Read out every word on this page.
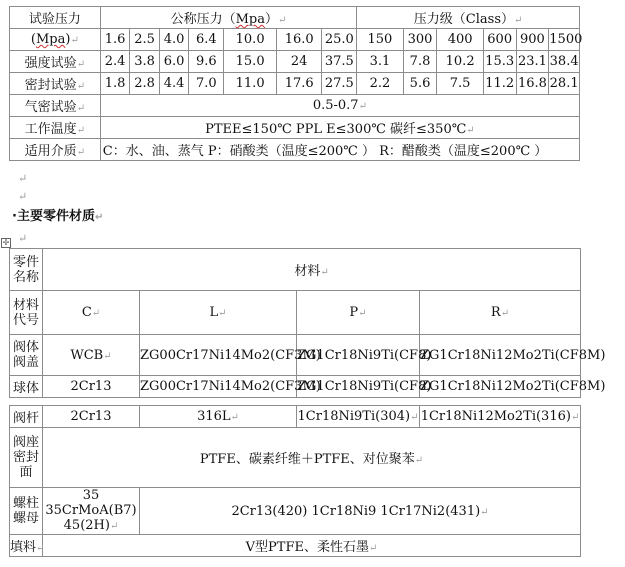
试验压力	公称压力（Mpa）↵							压力级（Class）↵					
(Mpa)↵	1.6	2.5	4.0	6.4	10.0	16.0	25.0	150	300	400	600	900	1500
强度试验↵	2.4	3.8	6.0	9.6	15.0	24	37.5	3.1	7.8	10.2	15.3	23.1	38.4
密封试验↵	1.8	2.8	4.4	7.0	11.0	17.6	27.5	2.2	5.6	7.5	11.2	16.8	28.1
气密试验↵	0.5-0.7↵												
工作温度↵	PTEE≤150℃ PPL E≤300℃ 碳纤≤350℃↵												
适用介质↵	C：水、油、蒸气 P：硝酸类（温度≤200℃ ） R：醋酸类（温度≤200℃ ）												
↵
↵
·主要零件材质↵
✢ ↵
零件名称	材料↵			
材料代号	C↵	L↵	P↵	R↵
阀体阀盖	WCB↵	ZG00Cr17Ni14Mo2(CF3M)	ZG1Cr18Ni9Ti(CF8)	ZG1Cr18Ni12Mo2Ti(CF8M)
球体	2Cr13	ZG00Cr17Ni14Mo2(CF3M)	ZG1Cr18Ni9Ti(CF8)	ZG1Cr18Ni12Mo2Ti(CF8M)

阀杆	2Cr13	316L↵	1Cr18Ni9Ti(304)↵	1Cr18Ni12Mo2Ti(316)↵
阀座密封面	PTFE、碳素纤维＋PTFE、对位聚苯↵			
螺柱螺母	35 35CrMoA(B7)
45(2H)↵	2Cr13(420) 1Cr18Ni9 1Cr17Ni2(431)↵		
填料↵	V型PTFE、柔性石墨↵			
